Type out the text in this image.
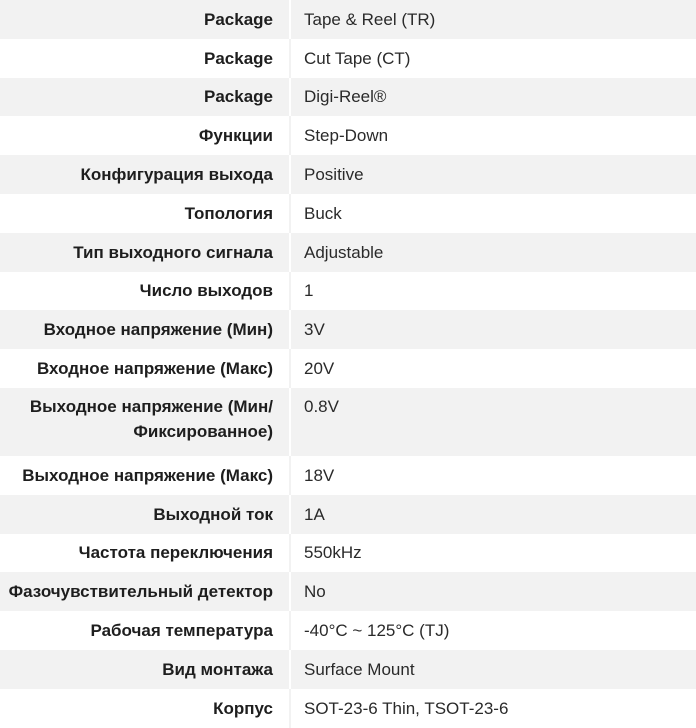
Package	Tape & Reel (TR)
Package	Cut Tape (CT)
Package	Digi-Reel®
Функции	Step-Down
Конфигурация выхода	Positive
Топология	Buck
Тип выходного сигнала	Adjustable
Число выходов	1
Входное напряжение (Мин)	3V
Входное напряжение (Макс)	20V
Выходное напряжение (Мин/ Фиксированное)	0.8V
Выходное напряжение (Макс)	18V
Выходной ток	1A
Частота переключения	550kHz
Фазочувствительный детектор	No
Рабочая температура	-40°C ~ 125°C (TJ)
Вид монтажа	Surface Mount
Корпус	SOT-23-6 Thin, TSOT-23-6
